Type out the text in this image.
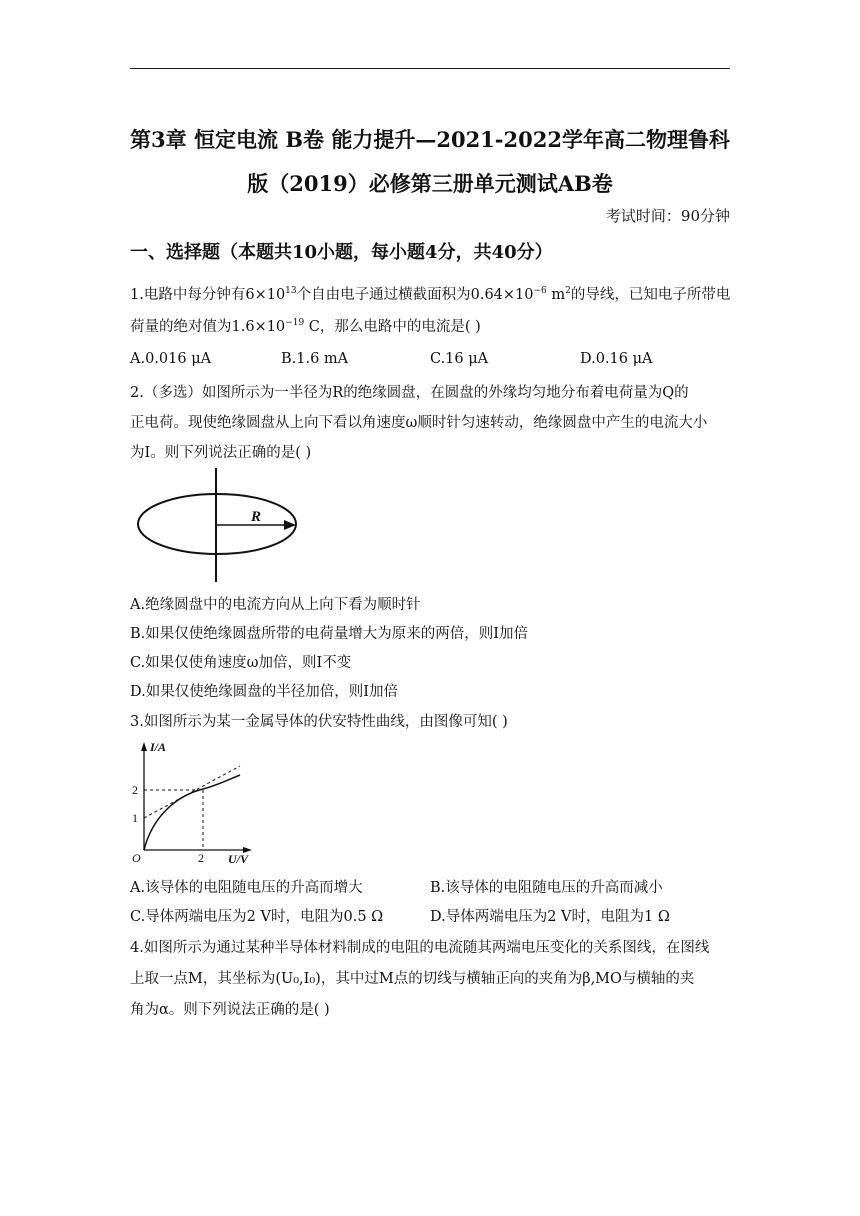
第3章 恒定电流 B卷 能力提升—2021-2022学年高二物理鲁科
版（2019）必修第三册单元测试AB卷
考试时间：90分钟
一、选择题（本题共10小题，每小题4分，共40分）
1.电路中每分钟有$6\times 10^{13}$个自由电子通过横截面积为$0.64\times 10^{-6}$ $m^2$的导线，已知电子所带电
荷量的绝对值为$1.6\times 10^{-19}$ C，那么电路中的电流是( )
A.0.016 μA	B.1.6 mA	C.16 μA	D.0.16 μA
2.（多选）如图所示为一半径为R的绝缘圆盘，在圆盘的外缘均匀地分布着电荷量为Q的
正电荷。现使绝缘圆盘从上向下看以角速度ω顺时针匀速转动，绝缘圆盘中产生的电流大小
为I。则下列说法正确的是( )
R
A.绝缘圆盘中的电流方向从上向下看为顺时针
B.如果仅使绝缘圆盘所带的电荷量增大为原来的两倍，则I加倍
C.如果仅使角速度ω加倍，则I不变
D.如果仅使绝缘圆盘的半径加倍，则I加倍
3.如图所示为某一金属导体的伏安特性曲线，由图像可知( )
I/A
U/V
O
1
2
2
A.该导体的电阻随电压的升高而增大	B.该导体的电阻随电压的升高而减小
C.导体两端电压为2 V时，电阻为0.5 Ω	D.导体两端电压为2 V时，电阻为1 Ω
4.如图所示为通过某种半导体材料制成的电阻的电流随其两端电压变化的关系图线，在图线
上取一点M，其坐标为(U₀,I₀)，其中过M点的切线与横轴正向的夹角为β,MO与横轴的夹
角为α。则下列说法正确的是( )
